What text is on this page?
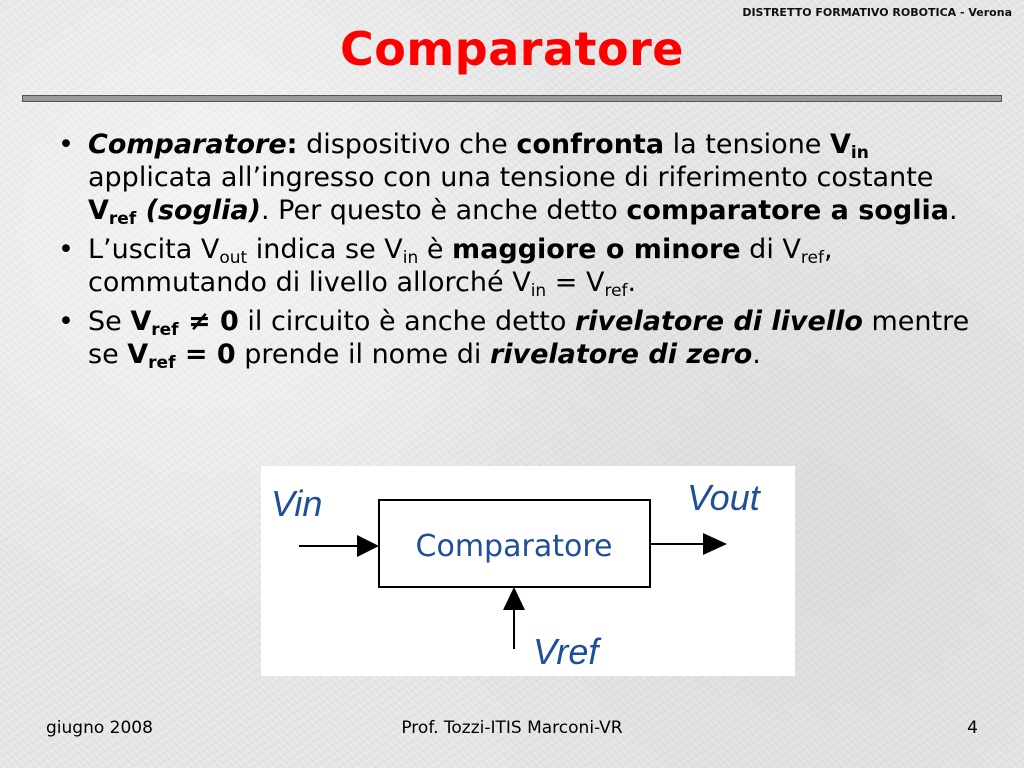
DISTRETTO FORMATIVO ROBOTICA - Verona
Comparatore
• Comparatore: dispositivo che confronta la tensione $V_{in}$ applicata all’ingresso con una tensione di riferimento costante $V_{ref}$ (soglia). Per questo è anche detto comparatore a soglia.
• L’uscita $V_{out}$ indica se $V_{in}$ è maggiore o minore di $V_{ref}$, commutando di livello allorché $V_{in} = V_{ref}$.
• Se $V_{ref} \ne 0$ il circuito è anche detto rivelatore di livello mentre se $V_{ref} = 0$ prende il nome di rivelatore di zero.
Vin	Vout
Comparatore
Vref
giugno 2008	Prof. Tozzi-ITIS Marconi-VR	4
